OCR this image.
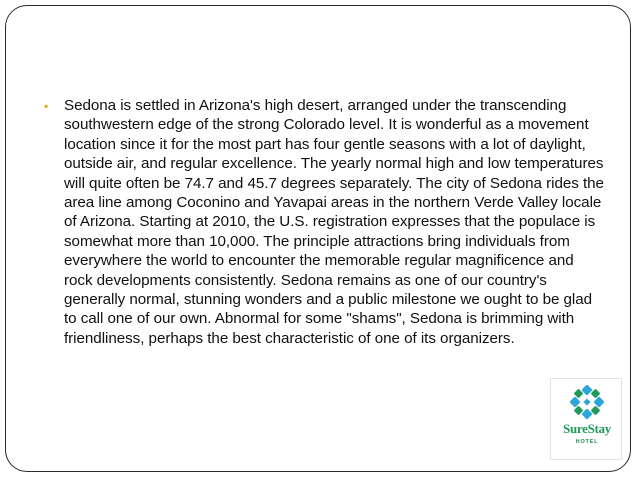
▪	Sedona is settled in Arizona's high desert, arranged under the transcending southwestern edge of the strong Colorado level. It is wonderful as a movement location since it for the most part has four gentle seasons with a lot of daylight, outside air, and regular excellence. The yearly normal high and low temperatures will quite often be 74.7 and 45.7 degrees separately. The city of Sedona rides the area line among Coconino and Yavapai areas in the northern Verde Valley locale of Arizona. Starting at 2010, the U.S. registration expresses that the populace is somewhat more than 10,000. The principle attractions bring individuals from everywhere the world to encounter the memorable regular magnificence and rock developments consistently. Sedona remains as one of our country's generally normal, stunning wonders and a public milestone we ought to be glad to call one of our own. Abnormal for some "shams", Sedona is brimming with friendliness, perhaps the best characteristic of one of its organizers.

SureStay
HOTEL
